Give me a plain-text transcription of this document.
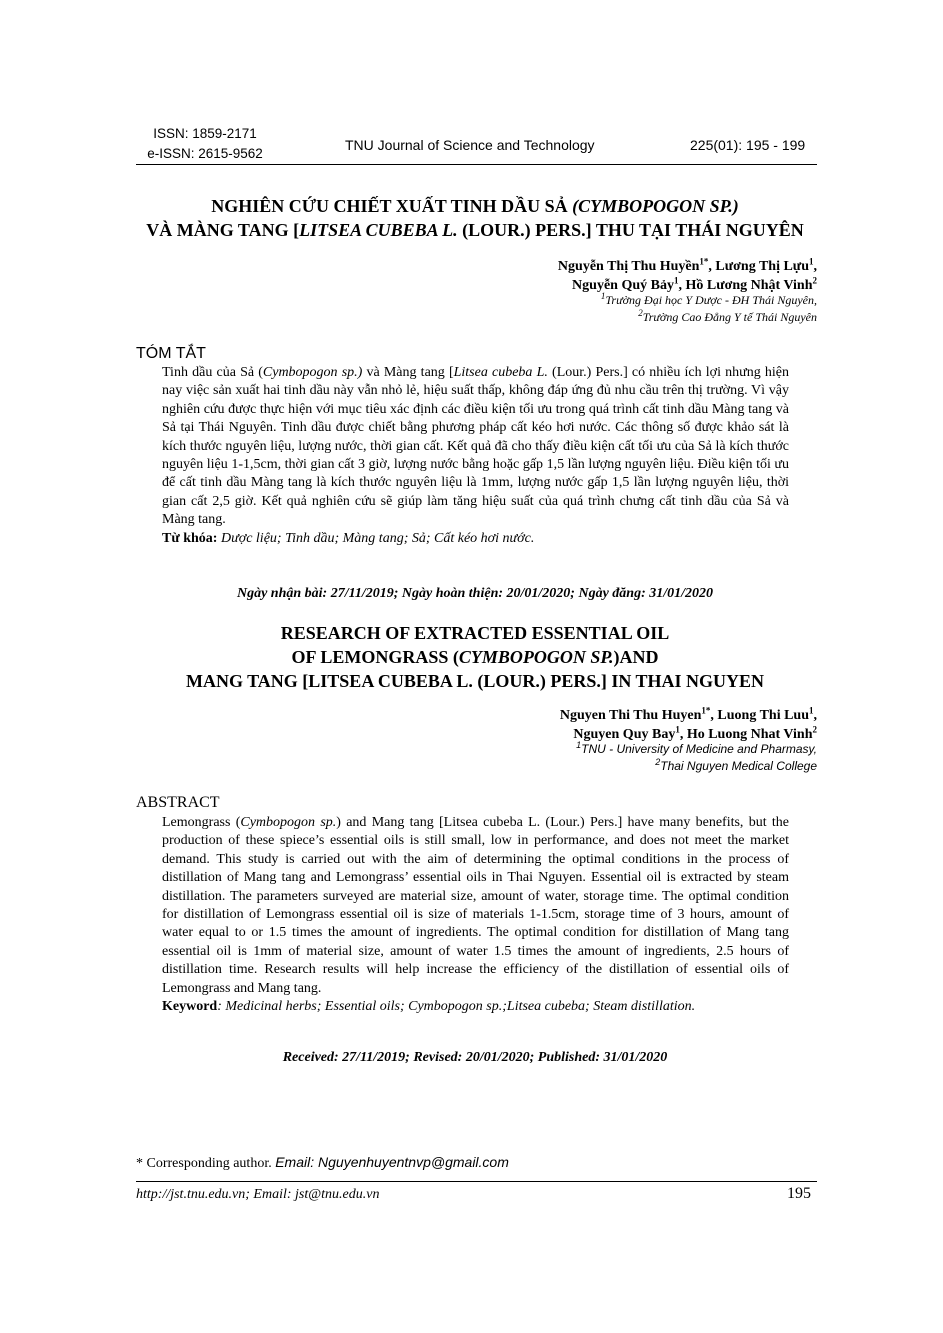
ISSN: 1859-2171
e-ISSN: 2615-9562
TNU Journal of Science and Technology	225(01): 195 - 199
NGHIÊN CỨU CHIẾT XUẤT TINH DẦU SẢ (CYMBOPOGON SP.)
VÀ MÀNG TANG [LITSEA CUBEBA L. (LOUR.) PERS.] THU TẠI THÁI NGUYÊN
Nguyễn Thị Thu Huyền$^{1*}$, Lương Thị Lựu$^1$,
Nguyễn Quý Bảy$^1$, Hồ Lương Nhật Vinh$^2$
$^1$Trường Đại học Y Dược - ĐH Thái Nguyên,
$^2$Trường Cao Đẳng Y tế Thái Nguyên
TÓM TẮT
Tinh dầu của Sả (Cymbopogon sp.) và Màng tang [Litsea cubeba L. (Lour.) Pers.] có nhiều ích lợi nhưng hiện nay việc sản xuất hai tinh dầu này vẫn nhỏ lẻ, hiệu suất thấp, không đáp ứng đủ nhu cầu trên thị trường. Vì vậy nghiên cứu được thực hiện với mục tiêu xác định các điều kiện tối ưu trong quá trình cất tinh dầu Màng tang và Sả tại Thái Nguyên. Tinh dầu được chiết bằng phương pháp cất kéo hơi nước. Các thông số được khảo sát là kích thước nguyên liệu, lượng nước, thời gian cất. Kết quả đã cho thấy điều kiện cất tối ưu của Sả là kích thước nguyên liệu 1-1,5cm, thời gian cất 3 giờ, lượng nước bằng hoặc gấp 1,5 lần lượng nguyên liệu. Điều kiện tối ưu để cất tinh dầu Màng tang là kích thước nguyên liệu là 1mm, lượng nước gấp 1,5 lần lượng nguyên liệu, thời gian cất 2,5 giờ. Kết quả nghiên cứu sẽ giúp làm tăng hiệu suất của quá trình chưng cất tinh dầu của Sả và Màng tang.
Từ khóa: Dược liệu; Tinh dầu; Màng tang; Sả; Cất kéo hơi nước.
Ngày nhận bài: 27/11/2019; Ngày hoàn thiện: 20/01/2020; Ngày đăng: 31/01/2020
RESEARCH OF EXTRACTED ESSENTIAL OIL
OF LEMONGRASS (CYMBOPOGON SP.)AND
MANG TANG [LITSEA CUBEBA L. (LOUR.) PERS.] IN THAI NGUYEN
Nguyen Thi Thu Huyen$^{1*}$, Luong Thi Luu$^1$,
Nguyen Quy Bay$^1$, Ho Luong Nhat Vinh$^2$
$^1$TNU - University of Medicine and Pharmasy,
$^2$Thai Nguyen Medical College
ABSTRACT
Lemongrass (Cymbopogon sp.) and Mang tang [Litsea cubeba L. (Lour.) Pers.] have many benefits, but the production of these spiece’s essential oils is still small, low in performance, and does not meet the market demand. This study is carried out with the aim of determining the optimal conditions in the process of distillation of Mang tang and Lemongrass’ essential oils in Thai Nguyen. Essential oil is extracted by steam distillation. The parameters surveyed are material size, amount of water, storage time. The optimal condition for distillation of Lemongrass essential oil is size of materials 1-1.5cm, storage time of 3 hours, amount of water equal to or 1.5 times the amount of ingredients. The optimal condition for distillation of Mang tang essential oil is 1mm of material size, amount of water 1.5 times the amount of ingredients, 2.5 hours of distillation time. Research results will help increase the efficiency of the distillation of essential oils of Lemongrass and Mang tang.
Keyword: Medicinal herbs; Essential oils; Cymbopogon sp.;Litsea cubeba; Steam distillation.
Received: 27/11/2019; Revised: 20/01/2020; Published: 31/01/2020
* Corresponding author. Email: Nguyenhuyentnvp@gmail.com
http://jst.tnu.edu.vn; Email: jst@tnu.edu.vn	195
